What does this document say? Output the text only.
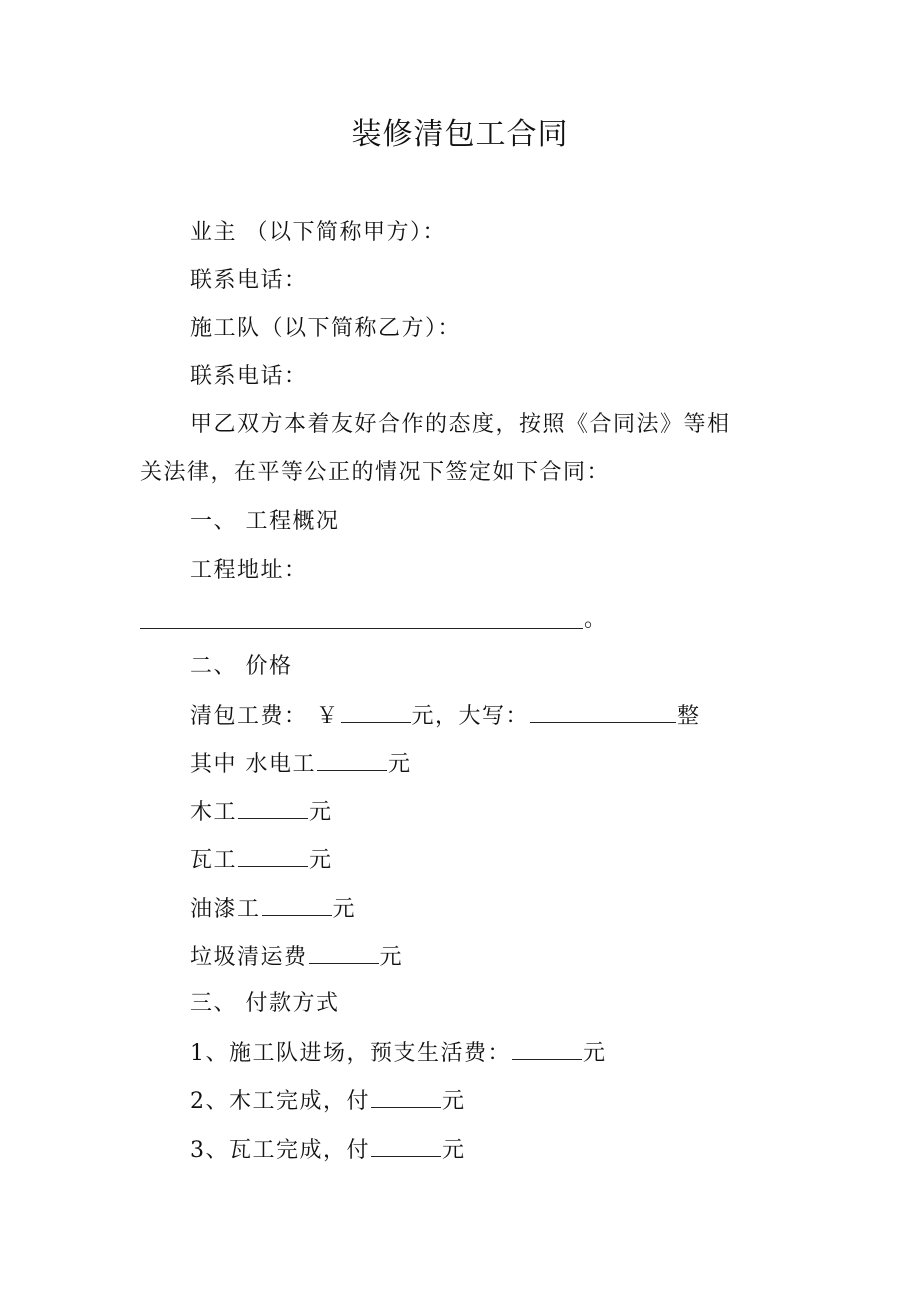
装修清包工合同
业主 （以下简称甲方）：
联系电话：
施工队（以下简称乙方）：
联系电话：
甲乙双方本着友好合作的态度，按照《合同法》等相
关法律，在平等公正的情况下签定如下合同：
一、 工程概况
工程地址：
。
二、 价格
清包工费： ￥	元，大写：	整
其中 水电工	元
木工	元
瓦工	元
油漆工	元
垃圾清运费	元
三、 付款方式
1、施工队进场，预支生活费：	元
2、木工完成，付	元
3、瓦工完成，付	元
